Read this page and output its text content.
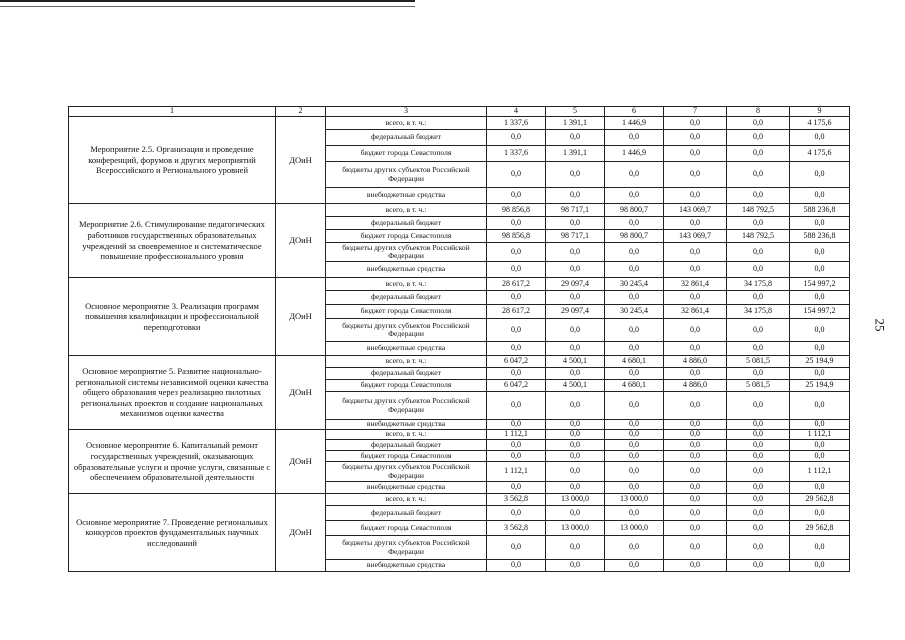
25
1	2	3	4	5	6	7	8	9
Мероприятие 2.5. Организация и проведение конференций, форумов и других мероприятий Всероссийского и Регионального уровней	ДОиН	всего, в т. ч.:	1 337,6	1 391,1	1 446,9	0,0	0,0	4 175,6
		федеральный бюджет	0,0	0,0	0,0	0,0	0,0	0,0
		бюджет города Севастополя	1 337,6	1 391,1	1 446,9	0,0	0,0	4 175,6
		бюджеты других субъектов Российской Федерации	0,0	0,0	0,0	0,0	0,0	0,0
		внебюджетные средства	0,0	0,0	0,0	0,0	0,0	0,0
Мероприятие 2.6. Стимулирование педагогических работников государственных образовательных учреждений за своевременное и систематическое повышение профессионального уровня	ДОиН	всего, в т. ч.:	98 856,8	98 717,1	98 800,7	143 069,7	148 792,5	588 236,8
		федеральный бюджет	0,0	0,0	0,0	0,0	0,0	0,0
		бюджет города Севастополя	98 856,8	98 717,1	98 800,7	143 069,7	148 792,5	588 236,8
		бюджеты других субъектов Российской Федерации	0,0	0,0	0,0	0,0	0,0	0,0
		внебюджетные средства	0,0	0,0	0,0	0,0	0,0	0,0
Основное мероприятие 3. Реализация программ повышения квалификации и профессиональной переподготовки	ДОиН	всего, в т. ч.:	28 617,2	29 097,4	30 245,4	32 861,4	34 175,8	154 997,2
		федеральный бюджет	0,0	0,0	0,0	0,0	0,0	0,0
		бюджет города Севастополя	28 617,2	29 097,4	30 245,4	32 861,4	34 175,8	154 997,2
		бюджеты других субъектов Российской Федерации	0,0	0,0	0,0	0,0	0,0	0,0
		внебюджетные средства	0,0	0,0	0,0	0,0	0,0	0,0
Основное мероприятие 5. Развитие национально-региональной системы независимой оценки качества общего образования через реализацию пилотных региональных проектов и создание национальных механизмов оценки качества	ДОиН	всего, в т. ч.:	6 047,2	4 500,1	4 680,1	4 886,0	5 081,5	25 194,9
		федеральный бюджет	0,0	0,0	0,0	0,0	0,0	0,0
		бюджет города Севастополя	6 047,2	4 500,1	4 680,1	4 886,0	5 081,5	25 194,9
		бюджеты других субъектов Российской Федерации	0,0	0,0	0,0	0,0	0,0	0,0
		внебюджетные средства	0,0	0,0	0,0	0,0	0,0	0,0
Основное мероприятие 6. Капитальный ремонт государственных учреждений, оказывающих образовательные услуги и прочие услуги, связанные с обеспечением образовательной деятельности	ДОиН	всего, в т. ч.:	1 112,1	0,0	0,0	0,0	0,0	1 112,1
		федеральный бюджет	0,0	0,0	0,0	0,0	0,0	0,0
		бюджет города Севастополя	0,0	0,0	0,0	0,0	0,0	0,0
		бюджеты других субъектов Российской Федерации	1 112,1	0,0	0,0	0,0	0,0	1 112,1
		внебюджетные средства	0,0	0,0	0,0	0,0	0,0	0,0
Основное мероприятие 7. Проведение региональных конкурсов проектов фундаментальных научных исследований	ДОиН	всего, в т. ч.:	3 562,8	13 000,0	13 000,0	0,0	0,0	29 562,8
		федеральный бюджет	0,0	0,0	0,0	0,0	0,0	0,0
		бюджет города Севастополя	3 562,8	13 000,0	13 000,0	0,0	0,0	29 562,8
		бюджеты других субъектов Российской Федерации	0,0	0,0	0,0	0,0	0,0	0,0
		внебюджетные средства	0,0	0,0	0,0	0,0	0,0	0,0
